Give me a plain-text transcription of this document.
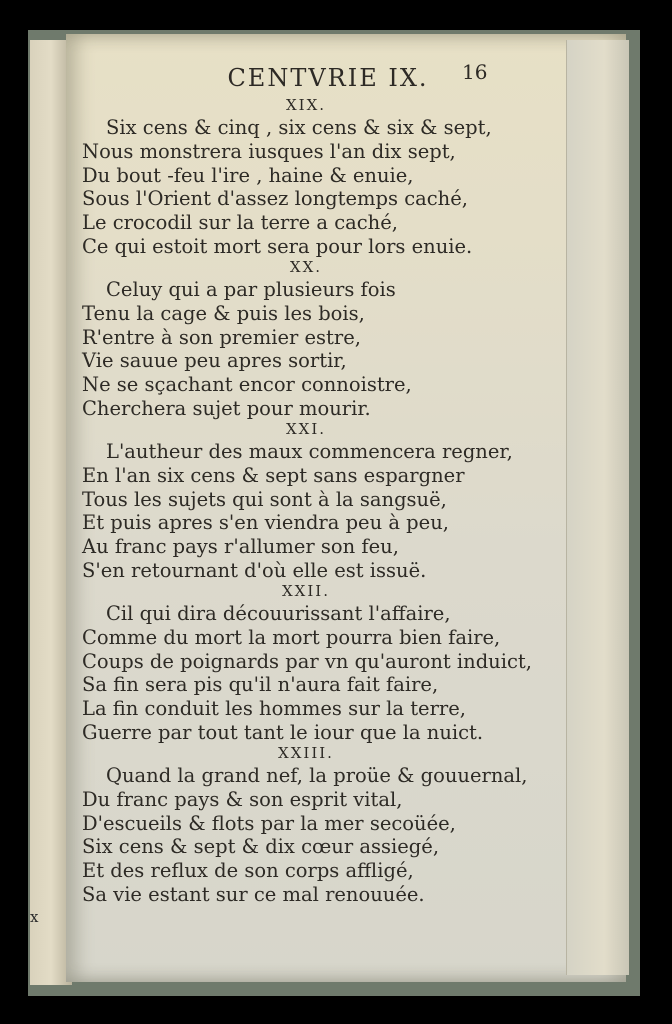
x
CENTVRIE IX.	16
XIX.
Six cens & cinq , six cens & six & sept,
Nous monstrera iusques l'an dix sept,
Du bout -feu l'ire , haine & enuie,
Sous l'Orient d'assez longtemps caché,
Le crocodil sur la terre a caché,
Ce qui estoit mort sera pour lors enuie.
XX.
Celuy qui a par plusieurs fois
Tenu la cage & puis les bois,
R'entre à son premier estre,
Vie sauue peu apres sortir,
Ne se sçachant encor connoistre,
Cherchera sujet pour mourir.
XXI.
L'autheur des maux commencera regner,
En l'an six cens & sept sans espargner
Tous les sujets qui sont à la sangsuë,
Et puis apres s'en viendra peu à peu,
Au franc pays r'allumer son feu,
S'en retournant d'où elle est issuë.
XXII.
Cil qui dira découurissant l'affaire,
Comme du mort la mort pourra bien faire,
Coups de poignards par vn qu'auront induict,
Sa fin sera pis qu'il n'aura fait faire,
La fin conduit les hommes sur la terre,
Guerre par tout tant le iour que la nuict.
XXIII.
Quand la grand nef, la proüe & gouuernal,
Du franc pays & son esprit vital,
D'escueils & flots par la mer secoüée,
Six cens & sept & dix cœur assiegé,
Et des reflux de son corps affligé,
Sa vie estant sur ce mal renouuée.
